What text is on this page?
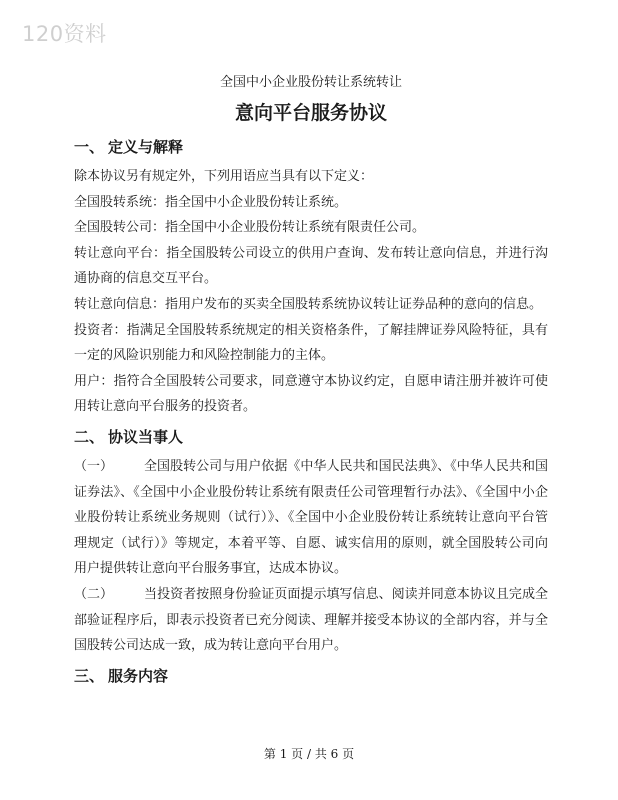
120资料

全国中小企业股份转让系统转让

意向平台服务协议
一、 定义与解释

除本协议另有规定外，下列用语应当具有以下定义：

全国股转系统：指全国中小企业股份转让系统。

全国股转公司：指全国中小企业股份转让系统有限责任公司。

转让意向平台：指全国股转公司设立的供用户查询、发布转让意向信息，并进行沟通协商的信息交互平台。

转让意向信息：指用户发布的买卖全国股转系统协议转让证券品种的意向的信息。

投资者：指满足全国股转系统规定的相关资格条件，了解挂牌证券风险特征，具有一定的风险识别能力和风险控制能力的主体。

用户：指符合全国股转公司要求，同意遵守本协议约定，自愿申请注册并被许可使用转让意向平台服务的投资者。

二、 协议当事人

（一） 全国股转公司与用户依据《中华人民共和国民法典》、《中华人民共和国证券法》、《全国中小企业股份转让系统有限责任公司管理暂行办法》、《全国中小企业股份转让系统业务规则（试行）》、《全国中小企业股份转让系统转让意向平台管理规定（试行）》等规定，本着平等、自愿、诚实信用的原则，就全国股转公司向用户提供转让意向平台服务事宜，达成本协议。

（二） 当投资者按照身份验证页面提示填写信息、阅读并同意本协议且完成全部验证程序后，即表示投资者已充分阅读、理解并接受本协议的全部内容，并与全国股转公司达成一致，成为转让意向平台用户。

三、 服务内容
第 1 页 / 共 6 页
